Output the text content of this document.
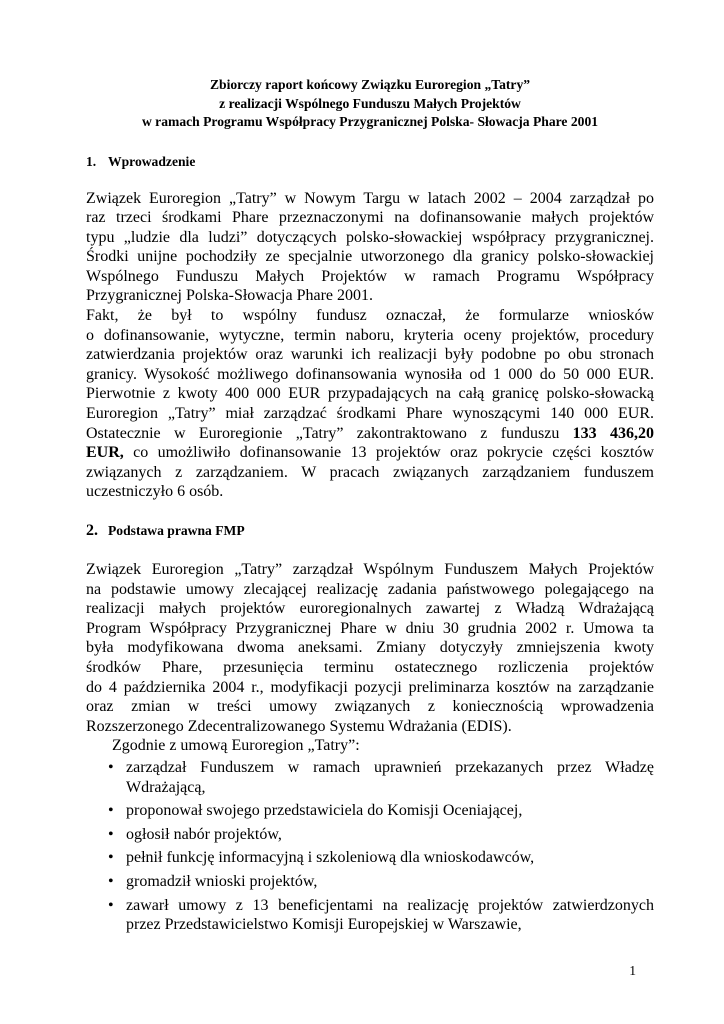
Zbiorczy raport końcowy Związku Euroregion „Tatry”
z realizacji Wspólnego Funduszu Małych Projektów
w ramach Programu Współpracy Przygranicznej Polska- Słowacja Phare 2001
1. Wprowadzenie
Związek Euroregion „Tatry” w Nowym Targu w latach 2002 – 2004 zarządzał po
raz trzeci środkami Phare przeznaczonymi na dofinansowanie małych projektów
typu „ludzie dla ludzi” dotyczących polsko-słowackiej współpracy przygranicznej.
Środki unijne pochodziły ze specjalnie utworzonego dla granicy polsko-słowackiej
Wspólnego Funduszu Małych Projektów w ramach Programu Współpracy
Przygranicznej Polska-Słowacja Phare 2001.
Fakt, że był to wspólny fundusz oznaczał, że formularze wniosków
o dofinansowanie, wytyczne, termin naboru, kryteria oceny projektów, procedury
zatwierdzania projektów oraz warunki ich realizacji były podobne po obu stronach
granicy. Wysokość możliwego dofinansowania wynosiła od 1 000 do 50 000 EUR.
Pierwotnie z kwoty 400 000 EUR przypadających na całą granicę polsko-słowacką
Euroregion „Tatry” miał zarządzać środkami Phare wynoszącymi 140 000 EUR.
Ostatecznie w Euroregionie „Tatry” zakontraktowano z funduszu 133 436,20
EUR, co umożliwiło dofinansowanie 13 projektów oraz pokrycie części kosztów
związanych z zarządzaniem. W pracach związanych zarządzaniem funduszem
uczestniczyło 6 osób.
2. Podstawa prawna FMP
Związek Euroregion „Tatry” zarządzał Wspólnym Funduszem Małych Projektów
na podstawie umowy zlecającej realizację zadania państwowego polegającego na
realizacji małych projektów euroregionalnych zawartej z Władzą Wdrażającą
Program Współpracy Przygranicznej Phare w dniu 30 grudnia 2002 r. Umowa ta
była modyfikowana dwoma aneksami. Zmiany dotyczyły zmniejszenia kwoty
środków Phare, przesunięcia terminu ostatecznego rozliczenia projektów
do 4 października 2004 r., modyfikacji pozycji preliminarza kosztów na zarządzanie
oraz zmian w treści umowy związanych z koniecznością wprowadzenia
Rozszerzonego Zdecentralizowanego Systemu Wdrażania (EDIS).
Zgodnie z umową Euroregion „Tatry”:
• zarządzał Funduszem w ramach uprawnień przekazanych przez Władzę
Wdrażającą,
• proponował swojego przedstawiciela do Komisji Oceniającej,
• ogłosił nabór projektów,
• pełnił funkcję informacyjną i szkoleniową dla wnioskodawców,
• gromadził wnioski projektów,
• zawarł umowy z 13 beneficjentami na realizację projektów zatwierdzonych
przez Przedstawicielstwo Komisji Europejskiej w Warszawie,
1
